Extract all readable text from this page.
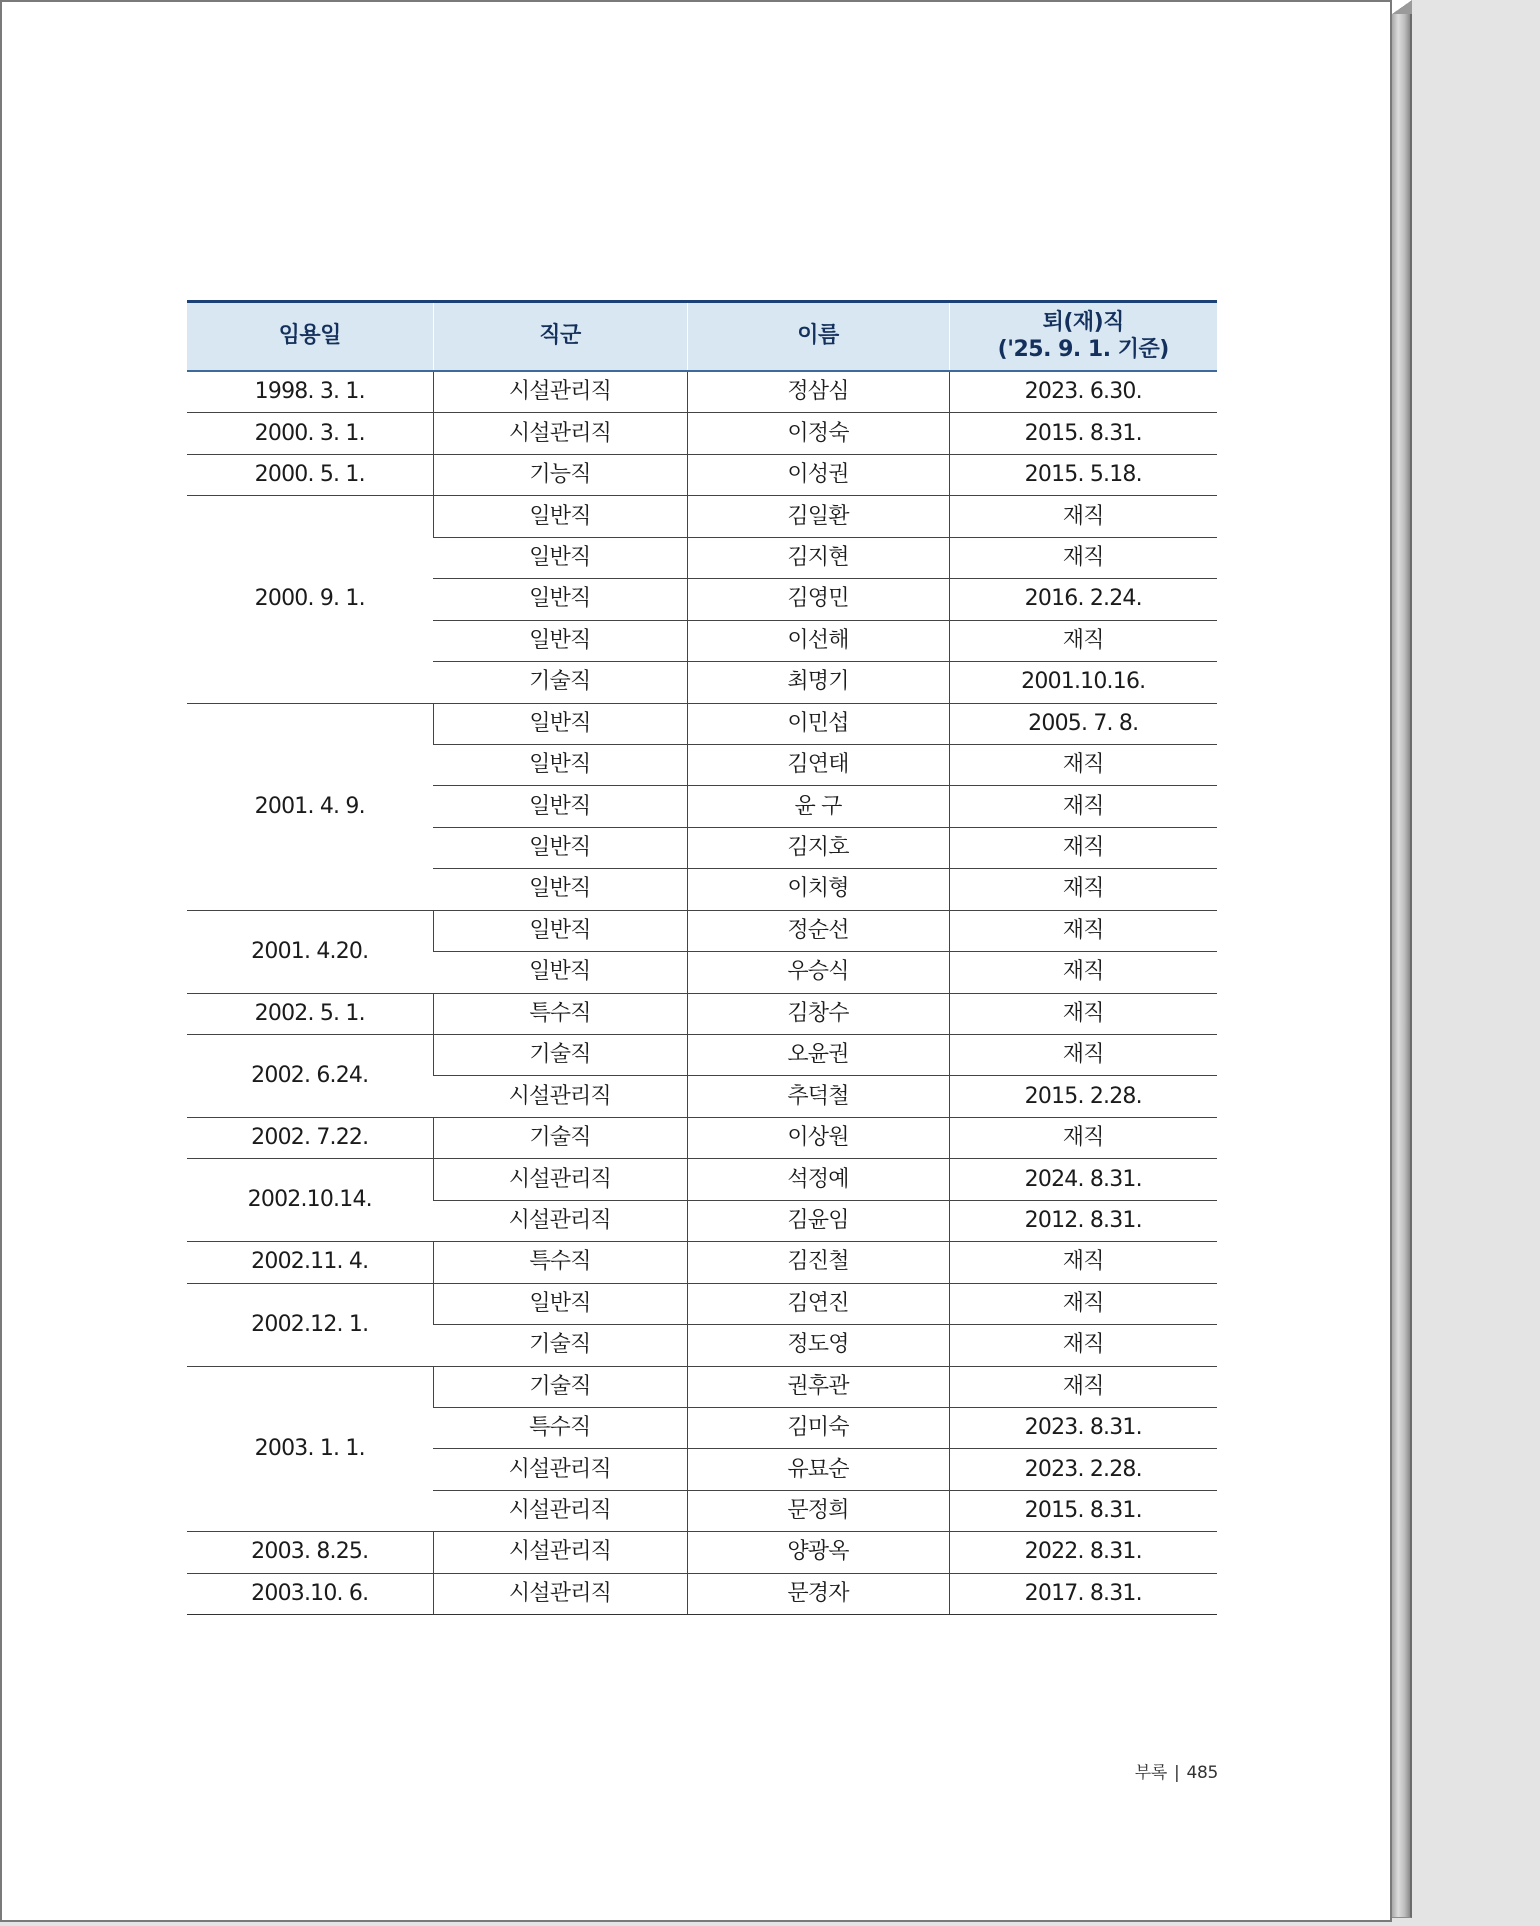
임용일	직군	이름	퇴(재)직
('25. 9. 1. 기준)

1998. 3. 1.	시설관리직	정삼심	2023. 6.30.
2000. 3. 1.	시설관리직	이정숙	2015. 8.31.
2000. 5. 1.	기능직	이성권	2015. 5.18.
2000. 9. 1.	일반직	김일환	재직
	일반직	김지현	재직
	일반직	김영민	2016. 2.24.
	일반직	이선해	재직
	기술직	최명기	2001.10.16.
2001. 4. 9.	일반직	이민섭	2005. 7. 8.
	일반직	김연태	재직
	일반직	윤 구	재직
	일반직	김지호	재직
	일반직	이치형	재직
2001. 4.20.	일반직	정순선	재직
	일반직	우승식	재직
2002. 5. 1.	특수직	김창수	재직
2002. 6.24.	기술직	오윤권	재직
	시설관리직	추덕철	2015. 2.28.
2002. 7.22.	기술직	이상원	재직
2002.10.14.	시설관리직	석정예	2024. 8.31.
	시설관리직	김윤임	2012. 8.31.
2002.11. 4.	특수직	김진철	재직
2002.12. 1.	일반직	김연진	재직
	기술직	정도영	재직
2003. 1. 1.	기술직	권후관	재직
	특수직	김미숙	2023. 8.31.
	시설관리직	유묘순	2023. 2.28.
	시설관리직	문정희	2015. 8.31.
2003. 8.25.	시설관리직	양광옥	2022. 8.31.
2003.10. 6.	시설관리직	문경자	2017. 8.31.
부록 | 485
